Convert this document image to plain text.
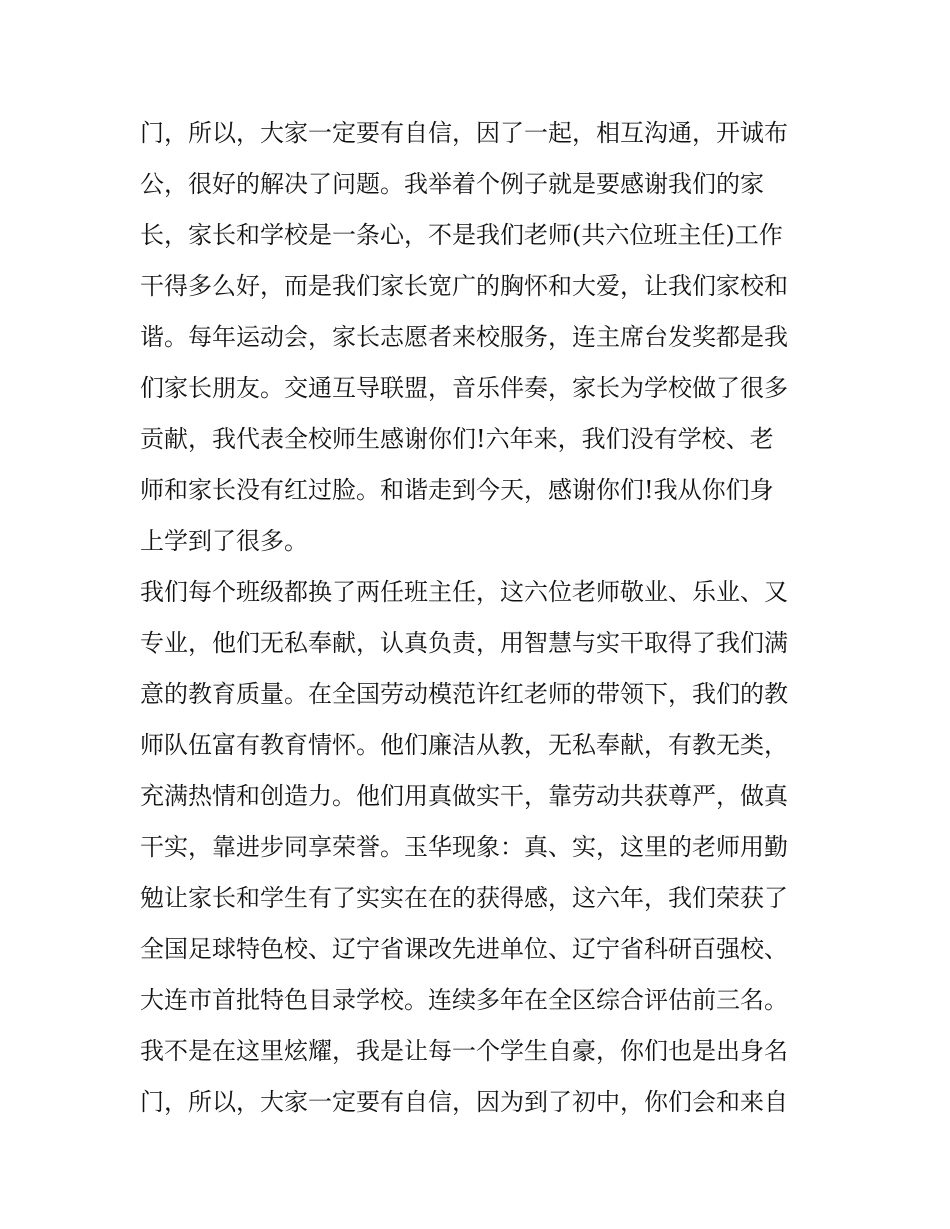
门，所以，大家一定要有自信，因了一起，相互沟通，开诚布
公，很好的解决了问题。我举着个例子就是要感谢我们的家
长，家长和学校是一条心，不是我们老师(共六位班主任)工作
干得多么好，而是我们家长宽广的胸怀和大爱，让我们家校和
谐。每年运动会，家长志愿者来校服务，连主席台发奖都是我
们家长朋友。交通互导联盟，音乐伴奏，家长为学校做了很多
贡献，我代表全校师生感谢你们!六年来，我们没有学校、老
师和家长没有红过脸。和谐走到今天，感谢你们!我从你们身
上学到了很多。
我们每个班级都换了两任班主任，这六位老师敬业、乐业、又
专业，他们无私奉献，认真负责，用智慧与实干取得了我们满
意的教育质量。在全国劳动模范许红老师的带领下，我们的教
师队伍富有教育情怀。他们廉洁从教，无私奉献，有教无类，
充满热情和创造力。他们用真做实干，靠劳动共获尊严，做真
干实，靠进步同享荣誉。玉华现象：真、实，这里的老师用勤
勉让家长和学生有了实实在在的获得感，这六年，我们荣获了
全国足球特色校、辽宁省课改先进单位、辽宁省科研百强校、
大连市首批特色目录学校。连续多年在全区综合评估前三名。
我不是在这里炫耀，我是让每一个学生自豪，你们也是出身名
门，所以，大家一定要有自信，因为到了初中，你们会和来自
